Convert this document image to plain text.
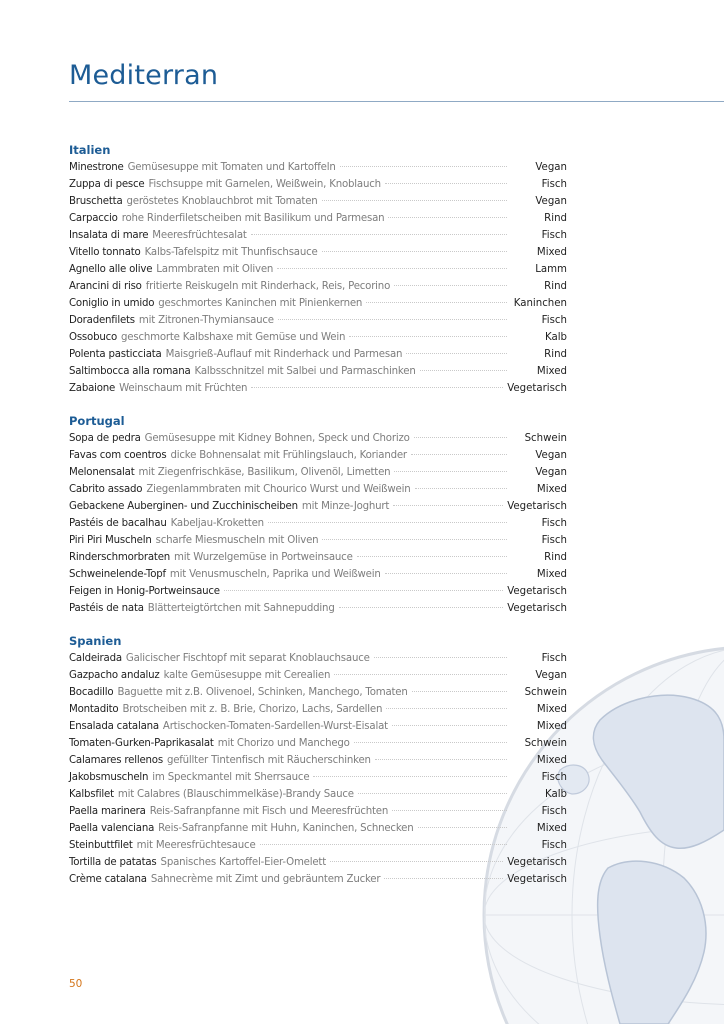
Mediterran
Italien
Minestrone Gemüsesuppe mit Tomaten und Kartoffeln	Vegan
Zuppa di pesce Fischsuppe mit Garnelen, Weißwein, Knoblauch	Fisch
Bruschetta geröstetes Knoblauchbrot mit Tomaten	Vegan
Carpaccio rohe Rinderfiletscheiben mit Basilikum und Parmesan	Rind
Insalata di mare Meeresfrüchtesalat	Fisch
Vitello tonnato Kalbs-Tafelspitz mit Thunfischsauce	Mixed
Agnello alle olive Lammbraten mit Oliven	Lamm
Arancini di riso fritierte Reiskugeln mit Rinderhack, Reis, Pecorino	Rind
Coniglio in umido geschmortes Kaninchen mit Pinienkernen	Kaninchen
Doradenfilets mit Zitronen-Thymiansauce	Fisch
Ossobuco geschmorte Kalbshaxe mit Gemüse und Wein	Kalb
Polenta pasticciata Maisgrieß-Auflauf mit Rinderhack und Parmesan	Rind
Saltimbocca alla romana Kalbsschnitzel mit Salbei und Parmaschinken	Mixed
Zabaione Weinschaum mit Früchten	Vegetarisch
Portugal
Sopa de pedra Gemüsesuppe mit Kidney Bohnen, Speck und Chorizo	Schwein
Favas com coentros dicke Bohnensalat mit Frühlingslauch, Koriander	Vegan
Melonensalat mit Ziegenfrischkäse, Basilikum, Olivenöl, Limetten	Vegan
Cabrito assado Ziegenlammbraten mit Chourico Wurst und Weißwein	Mixed
Gebackene Auberginen- und Zucchinischeiben mit Minze-Joghurt	Vegetarisch
Pastéis de bacalhau Kabeljau-Kroketten	Fisch
Piri Piri Muscheln scharfe Miesmuscheln mit Oliven	Fisch
Rinderschmorbraten mit Wurzelgemüse in Portweinsauce	Rind
Schweinelende-Topf mit Venusmuscheln, Paprika und Weißwein	Mixed
Feigen in Honig-Portweinsauce	Vegetarisch
Pastéis de nata Blätterteigtörtchen mit Sahnepudding	Vegetarisch
Spanien
Caldeirada Galicischer Fischtopf mit separat Knoblauchsauce	Fisch
Gazpacho andaluz kalte Gemüsesuppe mit Cerealien	Vegan
Bocadillo Baguette mit z.B. Olivenoel, Schinken, Manchego, Tomaten	Schwein
Montadito Brotscheiben mit z. B. Brie, Chorizo, Lachs, Sardellen	Mixed
Ensalada catalana Artischocken-Tomaten-Sardellen-Wurst-Eisalat	Mixed
Tomaten-Gurken-Paprikasalat mit Chorizo und Manchego	Schwein
Calamares rellenos gefüllter Tintenfisch mit Räucherschinken	Mixed
Jakobsmuscheln im Speckmantel mit Sherrsauce	Fisch
Kalbsfilet mit Calabres (Blauschimmelkäse)-Brandy Sauce	Kalb
Paella marinera Reis-Safranpfanne mit Fisch und Meeresfrüchten	Fisch
Paella valenciana Reis-Safranpfanne mit Huhn, Kaninchen, Schnecken	Mixed
Steinbuttfilet mit Meeresfrüchtesauce	Fisch
Tortilla de patatas Spanisches Kartoffel-Eier-Omelett	Vegetarisch
Crème catalana Sahnecrème mit Zimt und gebräuntem Zucker	Vegetarisch
50
